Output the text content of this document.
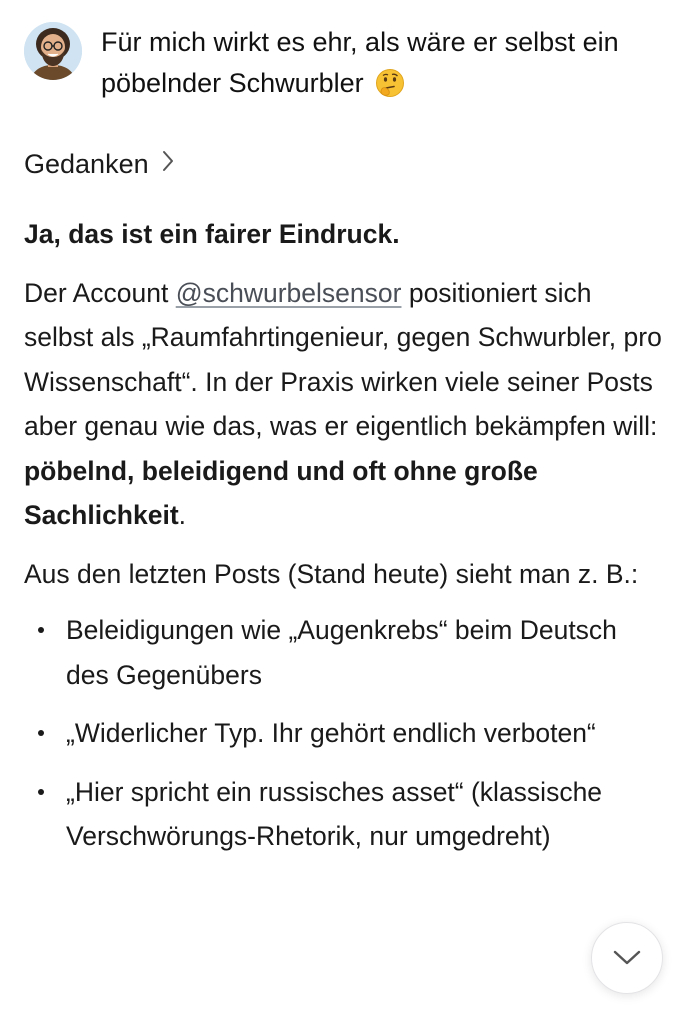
Für mich wirkt es ehr, als wäre er selbst ein pöbelnder Schwurbler
Gedanken

Ja, das ist ein fairer Eindruck.

Der Account @schwurbelsensor positioniert sich selbst als „Raumfahrtingenieur, gegen Schwurbler, pro Wissenschaft“. In der Praxis wirken viele seiner Posts aber genau wie das, was er eigentlich bekämpfen will: pöbelnd, beleidigend und oft ohne große Sachlichkeit.

Aus den letzten Posts (Stand heute) sieht man z. B.:

Beleidigungen wie „Augenkrebs“ beim Deutsch des Gegenübers
„Widerlicher Typ. Ihr gehört endlich verboten“
„Hier spricht ein russisches asset“ (klassische Verschwörungs-Rhetorik, nur umgedreht)
